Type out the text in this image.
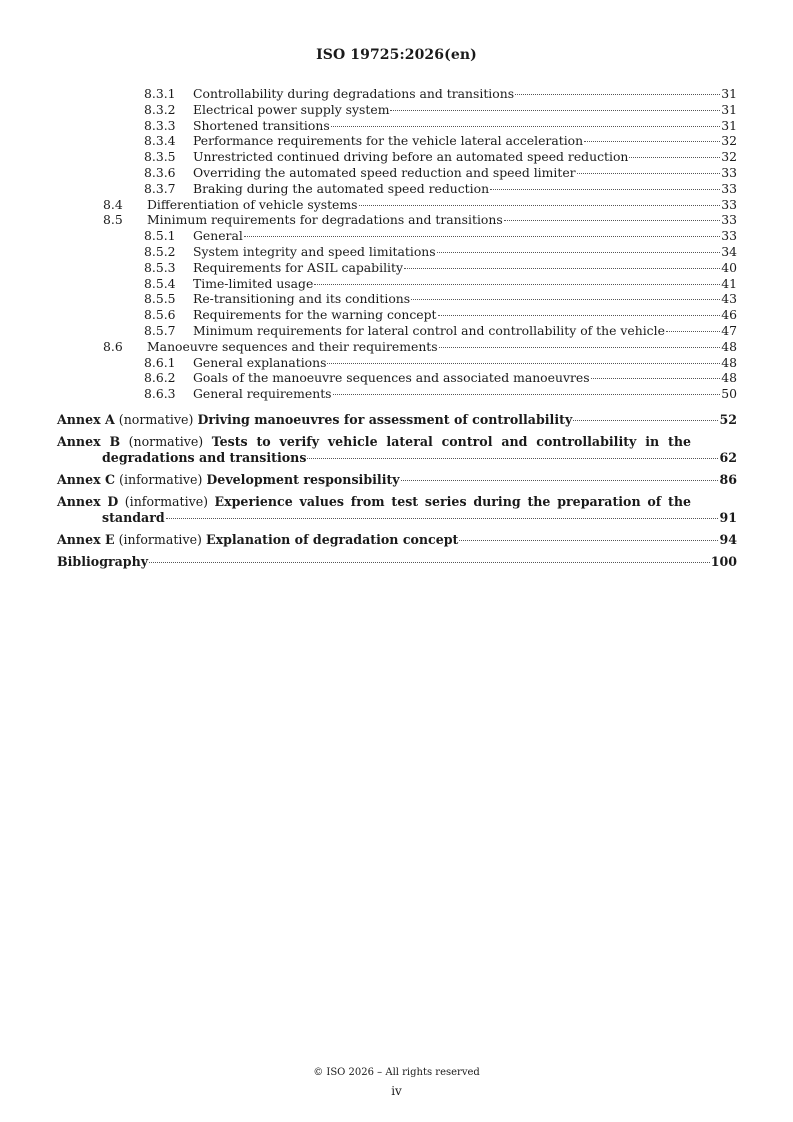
ISO 19725:2026(en)
8.3.1	Controllability during degradations and transitions	31
8.3.2	Electrical power supply system	31
8.3.3	Shortened transitions	31
8.3.4	Performance requirements for the vehicle lateral acceleration	32
8.3.5	Unrestricted continued driving before an automated speed reduction	32
8.3.6	Overriding the automated speed reduction and speed limiter	33
8.3.7	Braking during the automated speed reduction	33
8.4	Differentiation of vehicle systems	33
8.5	Minimum requirements for degradations and transitions	33
8.5.1	General	33
8.5.2	System integrity and speed limitations	34
8.5.3	Requirements for ASIL capability	40
8.5.4	Time-limited usage	41
8.5.5	Re-transitioning and its conditions	43
8.5.6	Requirements for the warning concept	46
8.5.7	Minimum requirements for lateral control and controllability of the vehicle	47
8.6	Manoeuvre sequences and their requirements	48
8.6.1	General explanations	48
8.6.2	Goals of the manoeuvre sequences and associated manoeuvres	48
8.6.3	General requirements	50
Annex A (normative) Driving manoeuvres for assessment of controllability	52
Annex B (normative) Tests to verify vehicle lateral control and controllability in the
degradations and transitions	62
Annex C (informative) Development responsibility	86
Annex D (informative) Experience values from test series during the preparation of the
standard	91
Annex E (informative) Explanation of degradation concept	94
Bibliography	100
© ISO 2026 – All rights reserved
iv
